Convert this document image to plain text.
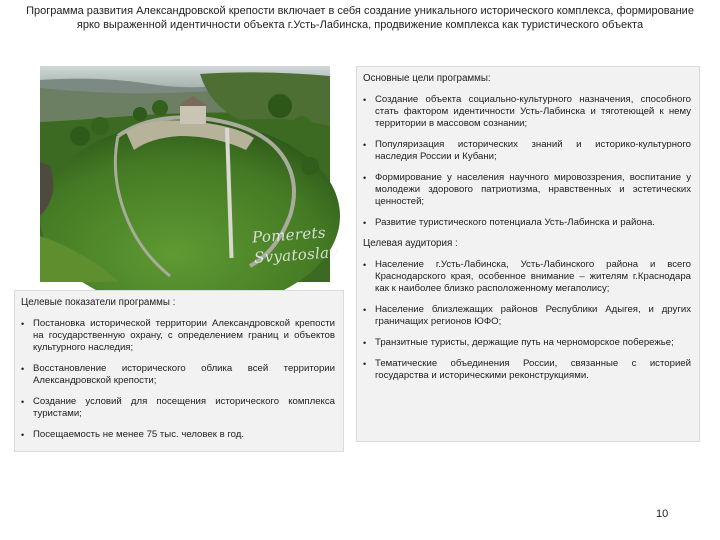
Программа развития Александровской крепости включает в себя создание уникального исторического комплекса, формирование ярко выраженной идентичности объекта г.Усть-Лабинска, продвижение комплекса как туристического объекта
Pomerets
Svyatoslav
Основные цели программы:
• Создание объекта социально-культурного назначения, способного стать фактором идентичности Усть-Лабинска и тяготеющей к нему территории в массовом сознании;
• Популяризация исторических знаний и историко-культурного наследия России и Кубани;
• Формирование у населения научного мировоззрения, воспитание у молодежи здорового патриотизма, нравственных и эстетических ценностей;
• Развитие туристического потенциала Усть-Лабинска и района.
Целевая аудитория :
• Население г.Усть-Лабинска, Усть-Лабинского района и всего Краснодарского края, особенное внимание – жителям г.Краснодара как к наиболее близко расположенному мегаполису;
• Население близлежащих районов Республики Адыгея, и других граничащих регионов ЮФО;
• Транзитные туристы, держащие путь на черноморское побережье;
• Тематические объединения России, связанные с историей государства и историческими реконструкциями.
Целевые показатели программы :
• Постановка исторической территории Александровской крепости на государственную охрану, с определением границ и объектов культурного наследия;
• Восстановление исторического облика всей территории Александровской крепости;
• Создание условий для посещения исторического комплекса туристами;
• Посещаемость не менее 75 тыс. человек в год.
10
